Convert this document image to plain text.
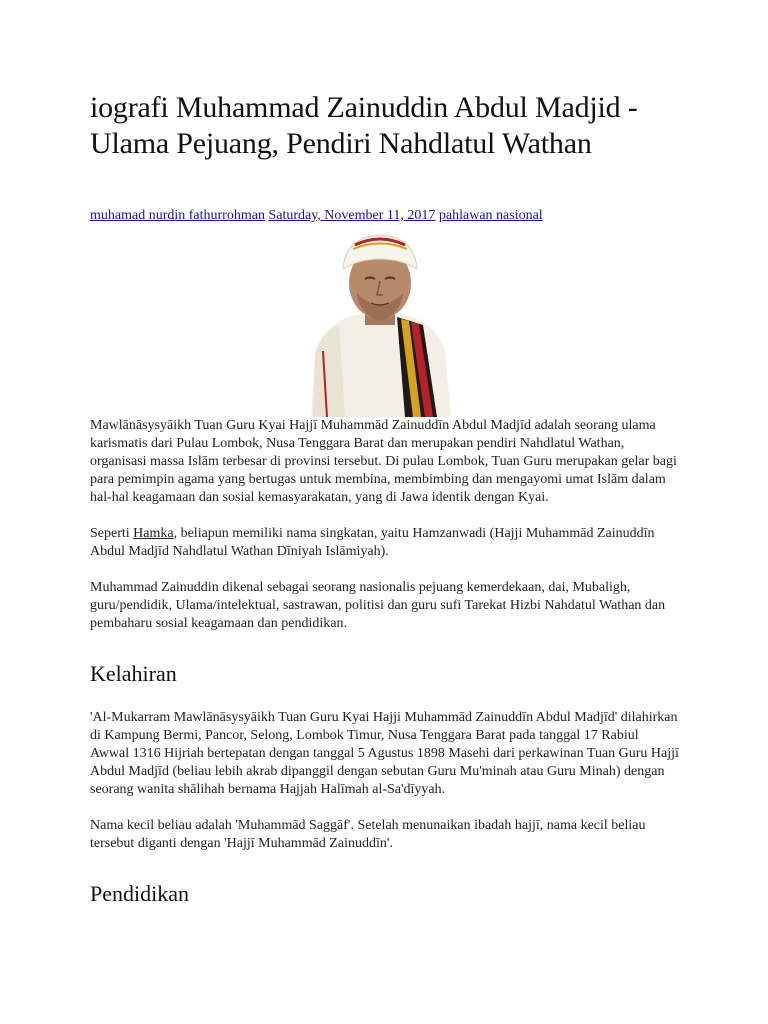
iografi Muhammad Zainuddin Abdul Madjid - Ulama Pejuang, Pendiri Nahdlatul Wathan
muhamad nurdin fathurrohman Saturday, November 11, 2017 pahlawan nasional

Mawlānāsysyāikh Tuan Guru Kyai Hajjī Muhammād Zainuddīn Abdul Madjīd adalah seorang ulama karismatis dari Pulau Lombok, Nusa Tenggara Barat dan merupakan pendiri Nahdlatul Wathan, organisasi massa Islām terbesar di provinsi tersebut. Di pulau Lombok, Tuan Guru merupakan gelar bagi para pemimpin agama yang bertugas untuk membina, membimbing dan mengayomi umat Islām dalam hal-hal keagamaan dan sosial kemasyarakatan, yang di Jawa identik dengan Kyai.

Seperti Hamka, beliapun memiliki nama singkatan, yaitu Hamzanwadi (Hajji Muhammād Zainuddīn Abdul Madjīd Nahdlatul Wathan Dīniyah Islāmiyah).

Muhammad Zainuddin dikenal sebagai seorang nasionalis pejuang kemerdekaan, dai, Mubaligh, guru/pendidik, Ulama/intelektual, sastrawan, politisi dan guru sufi Tarekat Hizbi Nahdatul Wathan dan pembaharu sosial keagamaan dan pendidikan.

Kelahiran

'Al-Mukarram Mawlānāsysyāikh Tuan Guru Kyai Hajji Muhammād Zainuddīn Abdul Madjīd' dilahirkan di Kampung Bermi, Pancor, Selong, Lombok Timur, Nusa Tenggara Barat pada tanggal 17 Rabiul Awwal 1316 Hijriah bertepatan dengan tanggal 5 Agustus 1898 Masehi dari perkawinan Tuan Guru Hajjī Abdul Madjīd (beliau lebih akrab dipanggil dengan sebutan Guru Mu'minah atau Guru Minah) dengan seorang wanita shālihah bernama Hajjah Halīmah al-Sa'dīyyah.

Nama kecil beliau adalah 'Muhammād Saggāf'. Setelah menunaikan ibadah hajjī, nama kecil beliau tersebut diganti dengan 'Hajjī Muhammād Zainuddīn'.

Pendidikan
